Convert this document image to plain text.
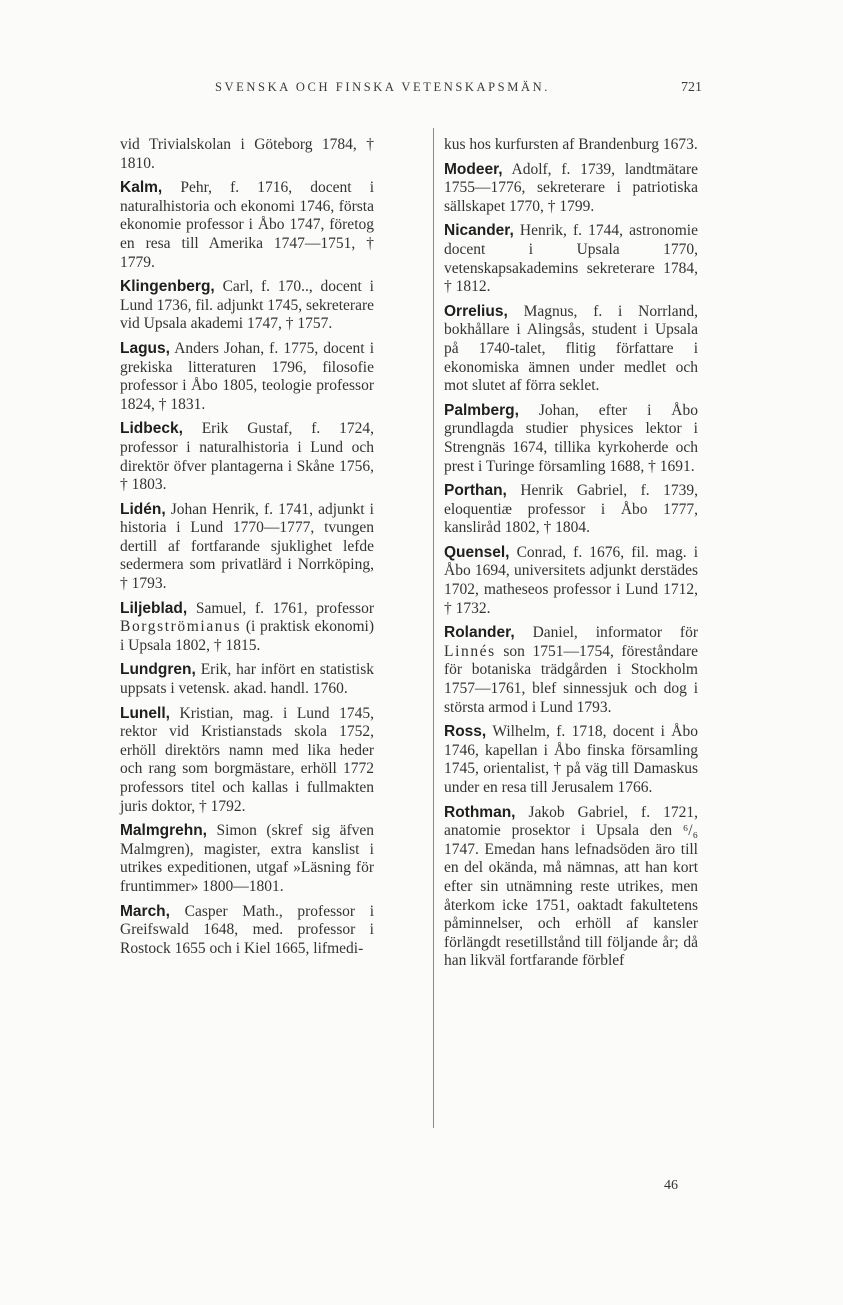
SVENSKA OCH FINSKA VETENSKAPSMÄN.	721

vid Trivialskolan i Göteborg 1784, † 1810.

Kalm, Pehr, f. 1716, docent i naturalhistoria och ekonomi 1746, första ekonomie professor i Åbo 1747, företog en resa till Amerika 1747—1751, † 1779.

Klingenberg, Carl, f. 170.., docent i Lund 1736, fil. adjunkt 1745, sekreterare vid Upsala akademi 1747, † 1757.

Lagus, Anders Johan, f. 1775, docent i grekiska litteraturen 1796, filosofie professor i Åbo 1805, teologie professor 1824, † 1831.

Lidbeck, Erik Gustaf, f. 1724, professor i naturalhistoria i Lund och direktör öfver plantagerna i Skåne 1756, † 1803.

Lidén, Johan Henrik, f. 1741, adjunkt i historia i Lund 1770—1777, tvungen dertill af fortfarande sjuklighet lefde sedermera som privatlärd i Norrköping, † 1793.

Liljeblad, Samuel, f. 1761, professor Borgströmianus (i praktisk ekonomi) i Upsala 1802, † 1815.

Lundgren, Erik, har infört en statistisk uppsats i vetensk. akad. handl. 1760.

Lunell, Kristian, mag. i Lund 1745, rektor vid Kristianstads skola 1752, erhöll direktörs namn med lika heder och rang som borgmästare, erhöll 1772 professors titel och kallas i fullmakten juris doktor, † 1792.

Malmgrehn, Simon (skref sig äfven Malmgren), magister, extra kanslist i utrikes expeditionen, utgaf »Läsning för fruntimmer» 1800—1801.

March, Casper Math., professor i Greifswald 1648, med. professor i Rostock 1655 och i Kiel 1665, lifmedi-

kus hos kurfursten af Brandenburg 1673.

Modeer, Adolf, f. 1739, landtmätare 1755—1776, sekreterare i patriotiska sällskapet 1770, † 1799.

Nicander, Henrik, f. 1744, astronomie docent i Upsala 1770, vetenskapsakademins sekreterare 1784, † 1812.

Orrelius, Magnus, f. i Norrland, bokhållare i Alingsås, student i Upsala på 1740-talet, flitig författare i ekonomiska ämnen under medlet och mot slutet af förra seklet.

Palmberg, Johan, efter i Åbo grundlagda studier physices lektor i Strengnäs 1674, tillika kyrkoherde och prest i Turinge församling 1688, † 1691.

Porthan, Henrik Gabriel, f. 1739, eloquentiæ professor i Åbo 1777, kansliråd 1802, † 1804.

Quensel, Conrad, f. 1676, fil. mag. i Åbo 1694, universitets adjunkt derstädes 1702, matheseos professor i Lund 1712, † 1732.

Rolander, Daniel, informator för Linnés son 1751—1754, föreståndare för botaniska trädgården i Stockholm 1757—1761, blef sinnessjuk och dog i största armod i Lund 1793.

Ross, Wilhelm, f. 1718, docent i Åbo 1746, kapellan i Åbo finska församling 1745, orientalist, † på väg till Damaskus under en resa till Jerusalem 1766.

Rothman, Jakob Gabriel, f. 1721, anatomie prosektor i Upsala den ⁶/₆ 1747. Emedan hans lefnadsöden äro till en del okända, må nämnas, att han kort efter sin utnämning reste utrikes, men återkom icke 1751, oaktadt fakultetens påminnelser, och erhöll af kansler förlängdt resetillstånd till följande år; då han likväl fortfarande förblef

46
